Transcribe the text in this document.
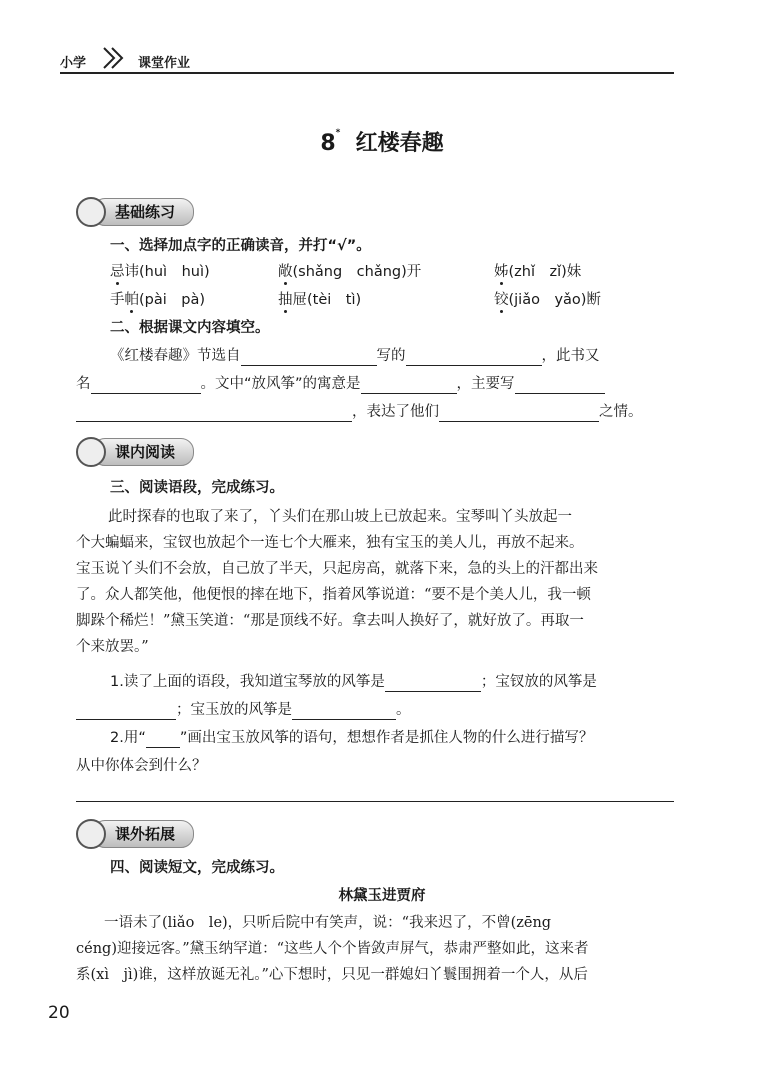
小学	课堂作业
8* 红楼春趣
基础练习
一、选择加点字的正确读音，并打“√”。
忌讳(huì　huì)	敞(shǎng　chǎng)开	姊(zhǐ　zǐ)妹
手帕(pài　pà)	抽屉(tèi　tì)	铰(jiǎo　yǎo)断
二、根据课文内容填空。
《红楼春趣》节选自	写的	，此书又
名	。文中“放风筝”的寓意是	，主要写
，表达了他们	之情。
课内阅读
三、阅读语段，完成练习。
此时探春的也取了来了，丫头们在那山坡上已放起来。宝琴叫丫头放起一
个大蝙蝠来，宝钗也放起个一连七个大雁来，独有宝玉的美人儿，再放不起来。
宝玉说丫头们不会放，自己放了半天，只起房高，就落下来，急的头上的汗都出来
了。众人都笑他，他便恨的摔在地下，指着风筝说道：“要不是个美人儿，我一顿
脚跺个稀烂！”黛玉笑道：“那是顶线不好。拿去叫人换好了，就好放了。再取一
个来放罢。”
1.读了上面的语段，我知道宝琴放的风筝是	；宝钗放的风筝是
；宝玉放的风筝是	。
2.用“ ”画出宝玉放风筝的语句，想想作者是抓住人物的什么进行描写？
从中你体会到什么？
课外拓展
四、阅读短文，完成练习。
林黛玉进贾府
一语未了(liǎo　le)，只听后院中有笑声，说：“我来迟了，不曾(zēng
céng)迎接远客。”黛玉纳罕道：“这些人个个皆敛声屏气，恭肃严整如此，这来者
系(xì　jì)谁，这样放诞无礼。”心下想时，只见一群媳妇丫鬟围拥着一个人，从后
20
